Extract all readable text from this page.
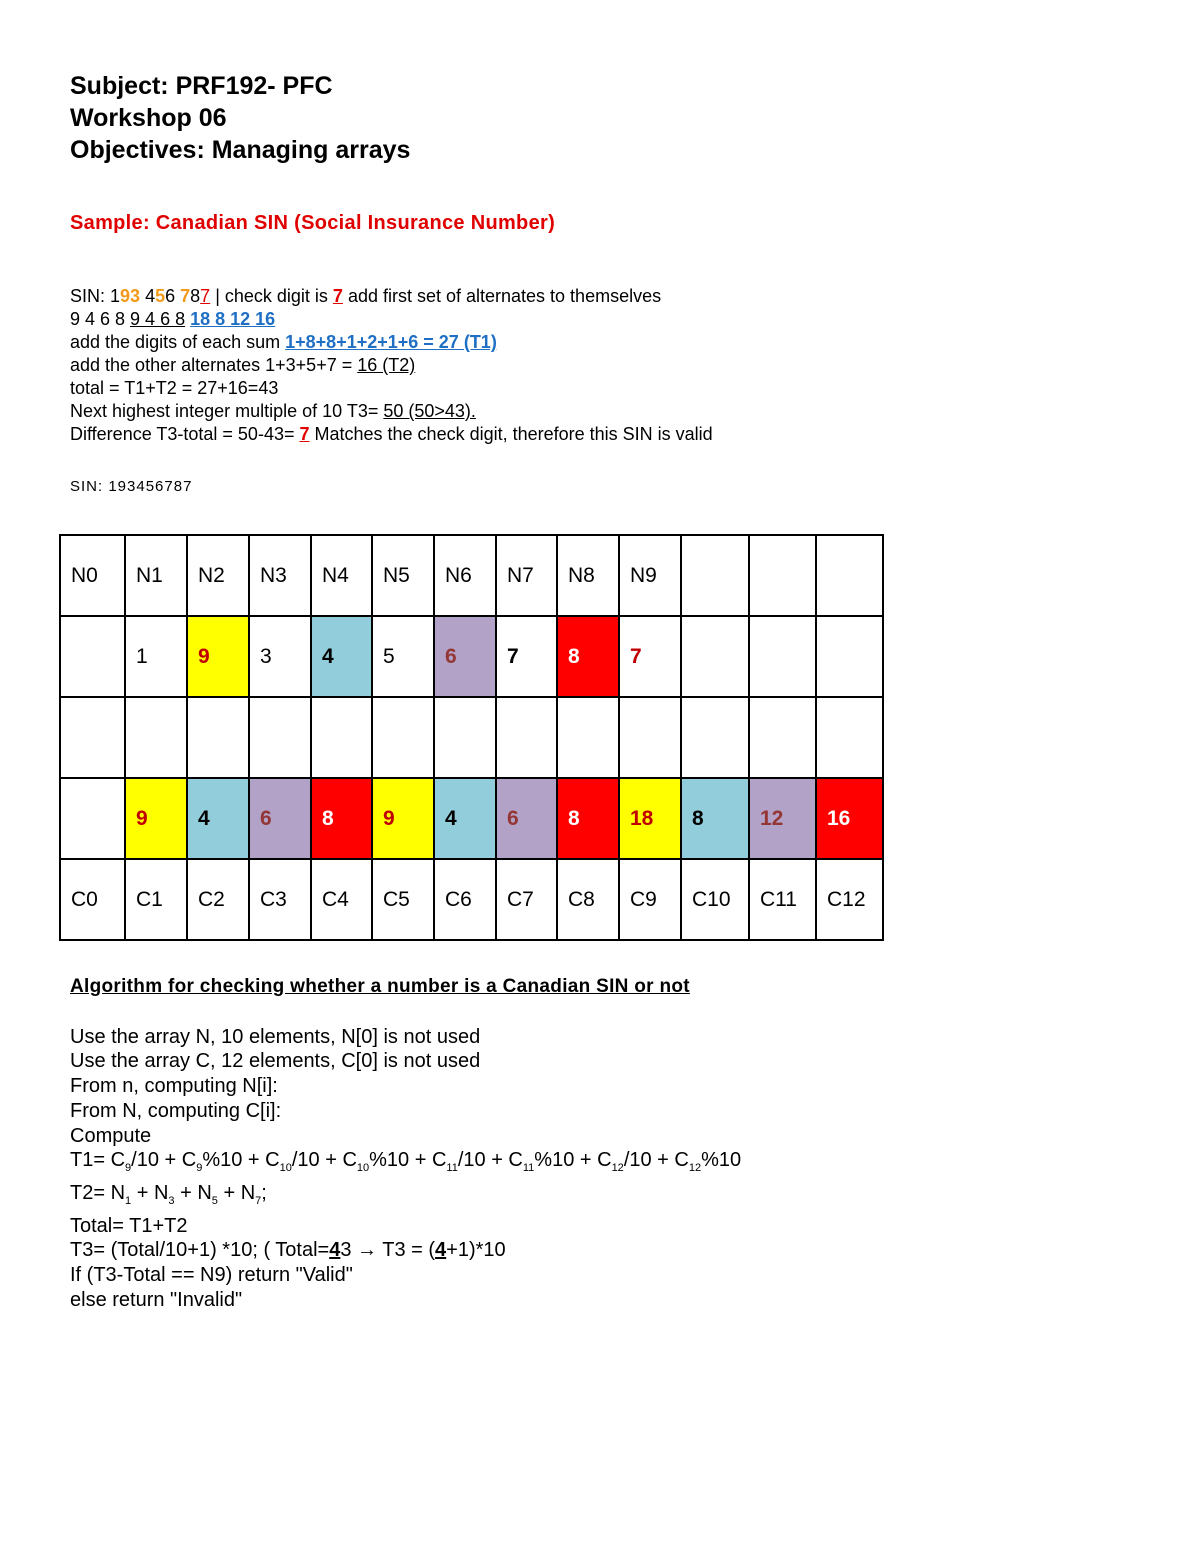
Subject: PRF192- PFC
Workshop 06
Objectives: Managing arrays
Sample: Canadian SIN (Social Insurance Number)
SIN: 193 456 787 | check digit is 7 add first set of alternates to themselves
9 4 6 8 9 4 6 8 18 8 12 16
add the digits of each sum 1+8+8+1+2+1+6 = 27 (T1)
add the other alternates 1+3+5+7 = 16 (T2)
total = T1+T2 = 27+16=43
Next highest integer multiple of 10 T3= 50 (50>43).
Difference T3-total = 50-43= 7 Matches the check digit, therefore this SIN is valid
SIN: 193456787
N0	N1	N2	N3	N4	N5	N6	N7	N8	N9			
	1	9	3	4	5	6	7	8	7			

	9	4	6	8	9	4	6	8	18	8	12	16
C0	C1	C2	C3	C4	C5	C6	C7	C8	C9	C10	C11	C12
Algorithm for checking whether a number is a Canadian SIN or not
Use the array N, 10 elements, N[0] is not used
Use the array C, 12 elements, C[0] is not used
From n, computing N[i]:
From N, computing C[i]:
Compute
$T1= C_9/10 + C_9\%10 + C_{10}/10 + C_{10}\%10 + C_{11}/10 + C_{11}\%10 + C_{12}/10 + C_{12}\%10$
$T2= N_1 + N_3 + N_5 + N_7$;
Total= T1+T2
T3= (Total/10+1) *10; ( Total=43 → T3 = (4+1)*10
If (T3-Total == N9) return "Valid"
else return "Invalid"
